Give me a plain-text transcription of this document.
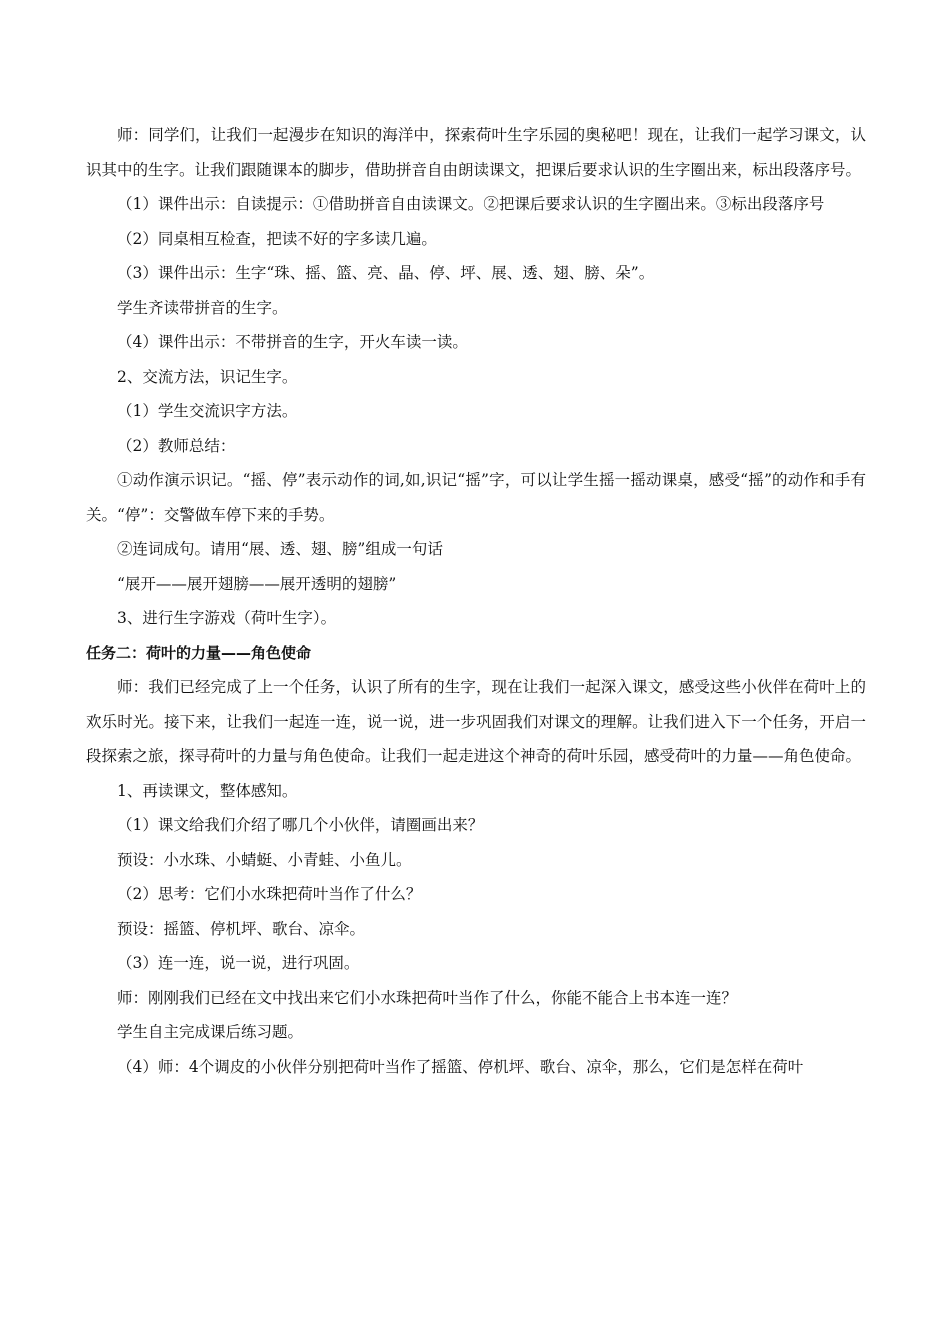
师：同学们，让我们一起漫步在知识的海洋中，探索荷叶生字乐园的奥秘吧！现在，让我们一起学习课文，认识其中的生字。让我们跟随课本的脚步，借助拼音自由朗读课文，把课后要求认识的生字圈出来，标出段落序号。

（1）课件出示：自读提示：①借助拼音自由读课文。②把课后要求认识的生字圈出来。③标出段落序号

（2）同桌相互检查，把读不好的字多读几遍。

（3）课件出示：生字“珠、摇、篮、亮、晶、停、坪、展、透、翅、膀、朵”。

学生齐读带拼音的生字。

（4）课件出示：不带拼音的生字，开火车读一读。

2、交流方法，识记生字。

（1）学生交流识字方法。

（2）教师总结：

①动作演示识记。“摇、停”表示动作的词,如,识记“摇”字，可以让学生摇一摇动课桌，感受“摇”的动作和手有关。“停”：交警做车停下来的手势。

②连词成句。请用“展、透、翅、膀”组成一句话

“展开——展开翅膀——展开透明的翅膀”

3、进行生字游戏（荷叶生字）。

任务二：荷叶的力量——角色使命

师：我们已经完成了上一个任务，认识了所有的生字，现在让我们一起深入课文，感受这些小伙伴在荷叶上的欢乐时光。接下来，让我们一起连一连，说一说，进一步巩固我们对课文的理解。让我们进入下一个任务，开启一段探索之旅，探寻荷叶的力量与角色使命。让我们一起走进这个神奇的荷叶乐园，感受荷叶的力量——角色使命。

1、再读课文，整体感知。

（1）课文给我们介绍了哪几个小伙伴，请圈画出来？

预设：小水珠、小蜻蜓、小青蛙、小鱼儿。

（2）思考：它们小水珠把荷叶当作了什么？

预设：摇篮、停机坪、歌台、凉伞。

（3）连一连，说一说，进行巩固。

师：刚刚我们已经在文中找出来它们小水珠把荷叶当作了什么，你能不能合上书本连一连？

学生自主完成课后练习题。

（4）师：4个调皮的小伙伴分别把荷叶当作了摇篮、停机坪、歌台、凉伞，那么，它们是怎样在荷叶
